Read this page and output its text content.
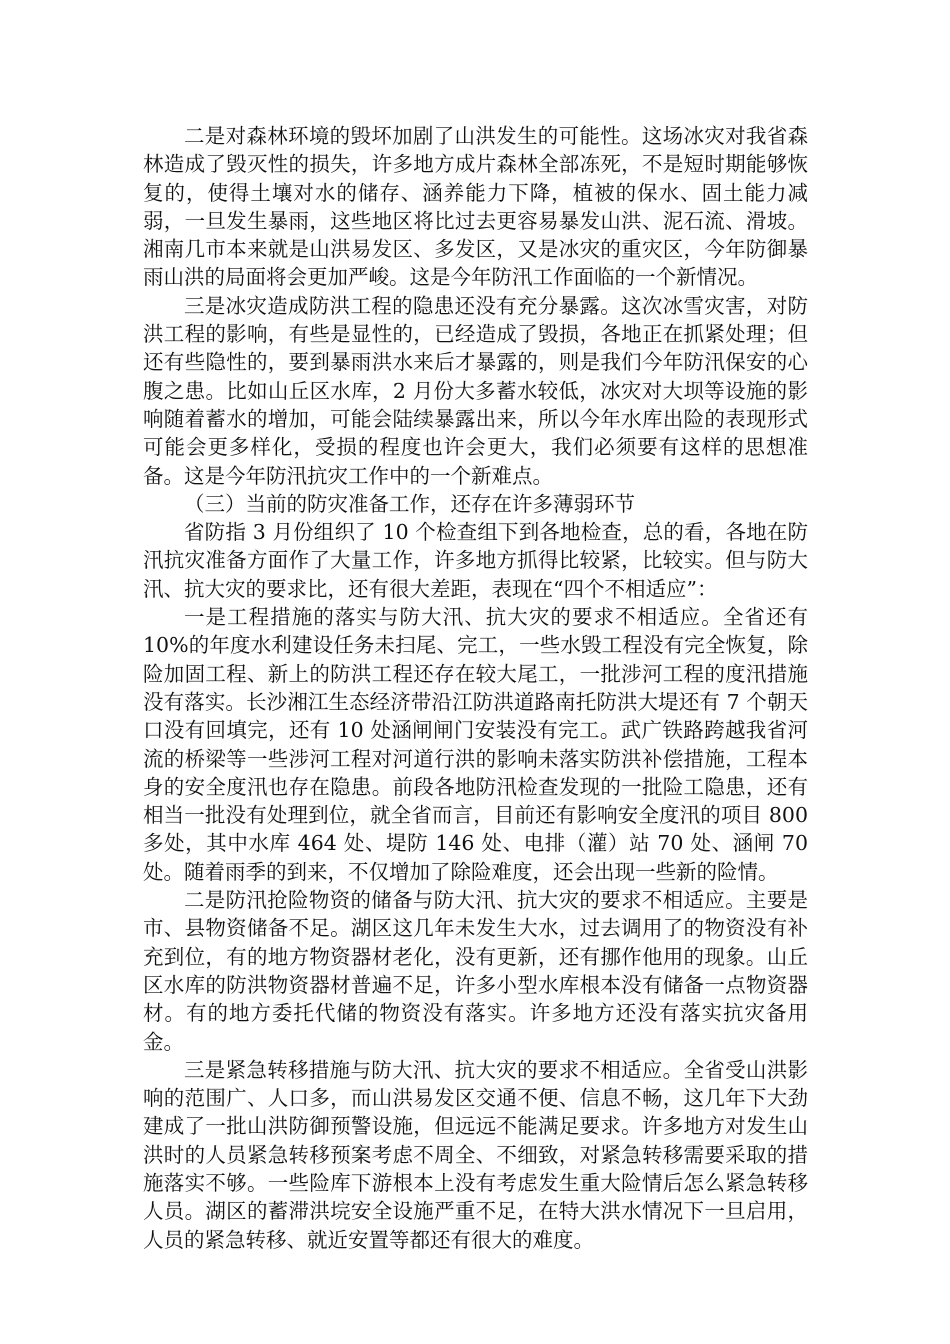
二是对森林环境的毁坏加剧了山洪发生的可能性。这场冰灾对我省森林造成了毁灭性的损失，许多地方成片森林全部冻死，不是短时期能够恢复的，使得土壤对水的储存、涵养能力下降，植被的保水、固土能力减弱，一旦发生暴雨，这些地区将比过去更容易暴发山洪、泥石流、滑坡。湘南几市本来就是山洪易发区、多发区，又是冰灾的重灾区，今年防御暴雨山洪的局面将会更加严峻。这是今年防汛工作面临的一个新情况。

三是冰灾造成防洪工程的隐患还没有充分暴露。这次冰雪灾害，对防洪工程的影响，有些是显性的，已经造成了毁损，各地正在抓紧处理；但还有些隐性的，要到暴雨洪水来后才暴露的，则是我们今年防汛保安的心腹之患。比如山丘区水库，2 月份大多蓄水较低，冰灾对大坝等设施的影响随着蓄水的增加，可能会陆续暴露出来，所以今年水库出险的表现形式可能会更多样化，受损的程度也许会更大，我们必须要有这样的思想准备。这是今年防汛抗灾工作中的一个新难点。

（三）当前的防灾准备工作，还存在许多薄弱环节

省防指 3 月份组织了 10 个检查组下到各地检查，总的看，各地在防汛抗灾准备方面作了大量工作，许多地方抓得比较紧，比较实。但与防大汛、抗大灾的要求比，还有很大差距，表现在“四个不相适应”：

一是工程措施的落实与防大汛、抗大灾的要求不相适应。全省还有 10%的年度水利建设任务未扫尾、完工，一些水毁工程没有完全恢复，除险加固工程、新上的防洪工程还存在较大尾工，一批涉河工程的度汛措施没有落实。长沙湘江生态经济带沿江防洪道路南托防洪大堤还有 7 个朝天口没有回填完，还有 10 处涵闸闸门安装没有完工。武广铁路跨越我省河流的桥梁等一些涉河工程对河道行洪的影响未落实防洪补偿措施，工程本身的安全度汛也存在隐患。前段各地防汛检查发现的一批险工隐患，还有相当一批没有处理到位，就全省而言，目前还有影响安全度汛的项目 800 多处，其中水库 464 处、堤防 146 处、电排（灌）站 70 处、涵闸 70 处。随着雨季的到来，不仅增加了除险难度，还会出现一些新的险情。

二是防汛抢险物资的储备与防大汛、抗大灾的要求不相适应。主要是市、县物资储备不足。湖区这几年未发生大水，过去调用了的物资没有补充到位，有的地方物资器材老化，没有更新，还有挪作他用的现象。山丘区水库的防洪物资器材普遍不足，许多小型水库根本没有储备一点物资器材。有的地方委托代储的物资没有落实。许多地方还没有落实抗灾备用金。

三是紧急转移措施与防大汛、抗大灾的要求不相适应。全省受山洪影响的范围广、人口多，而山洪易发区交通不便、信息不畅，这几年下大劲建成了一批山洪防御预警设施，但远远不能满足要求。许多地方对发生山洪时的人员紧急转移预案考虑不周全、不细致，对紧急转移需要采取的措施落实不够。一些险库下游根本上没有考虑发生重大险情后怎么紧急转移人员。湖区的蓄滞洪垸安全设施严重不足，在特大洪水情况下一旦启用，人员的紧急转移、就近安置等都还有很大的难度。
